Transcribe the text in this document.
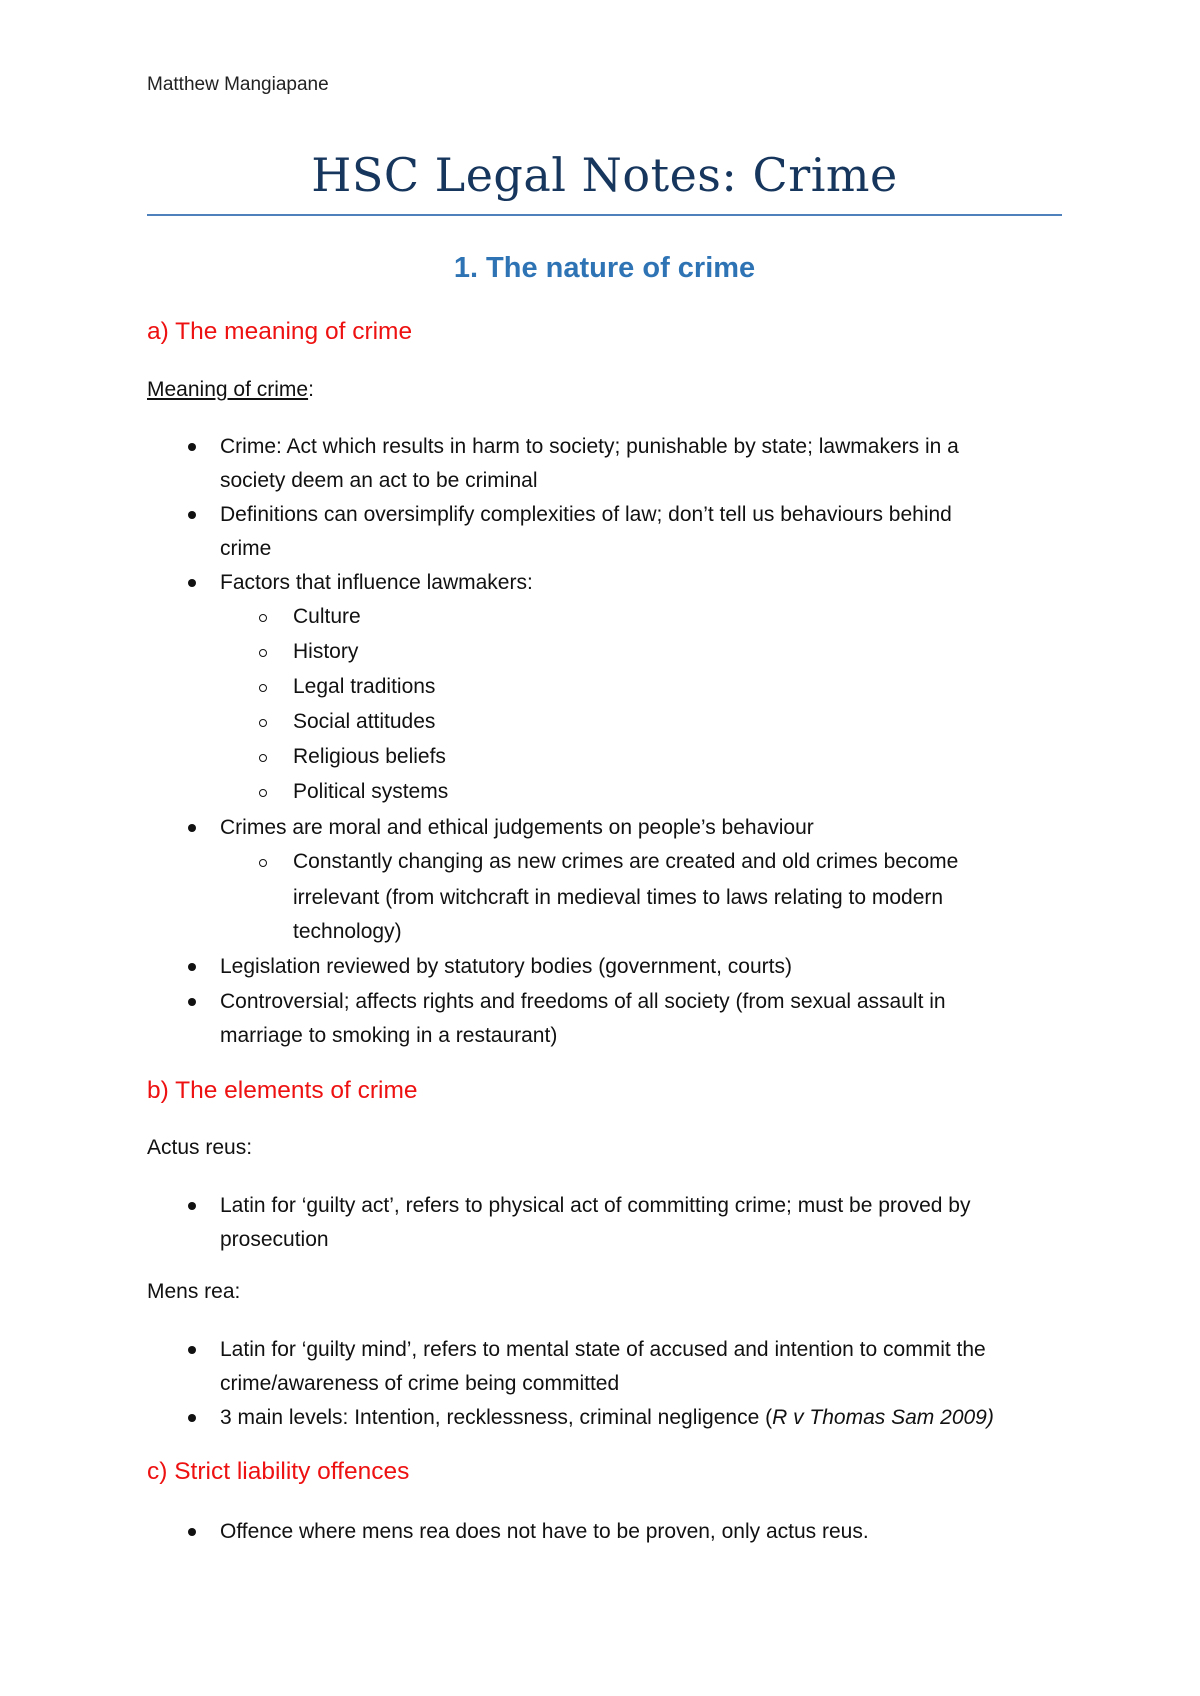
Matthew Mangiapane
HSC Legal Notes: Crime
1. The nature of crime
a) The meaning of crime
Meaning of crime:
Crime: Act which results in harm to society; punishable by state; lawmakers in a
society deem an act to be criminal
Definitions can oversimplify complexities of law; don’t tell us behaviours behind
crime
Factors that influence lawmakers:
Culture
History
Legal traditions
Social attitudes
Religious beliefs
Political systems
Crimes are moral and ethical judgements on people’s behaviour
Constantly changing as new crimes are created and old crimes become
irrelevant (from witchcraft in medieval times to laws relating to modern
technology)
Legislation reviewed by statutory bodies (government, courts)
Controversial; affects rights and freedoms of all society (from sexual assault in
marriage to smoking in a restaurant)
b) The elements of crime
Actus reus:
Latin for ‘guilty act’, refers to physical act of committing crime; must be proved by
prosecution
Mens rea:
Latin for ‘guilty mind’, refers to mental state of accused and intention to commit the
crime/awareness of crime being committed
3 main levels: Intention, recklessness, criminal negligence (R v Thomas Sam 2009)
c) Strict liability offences
Offence where mens rea does not have to be proven, only actus reus.
